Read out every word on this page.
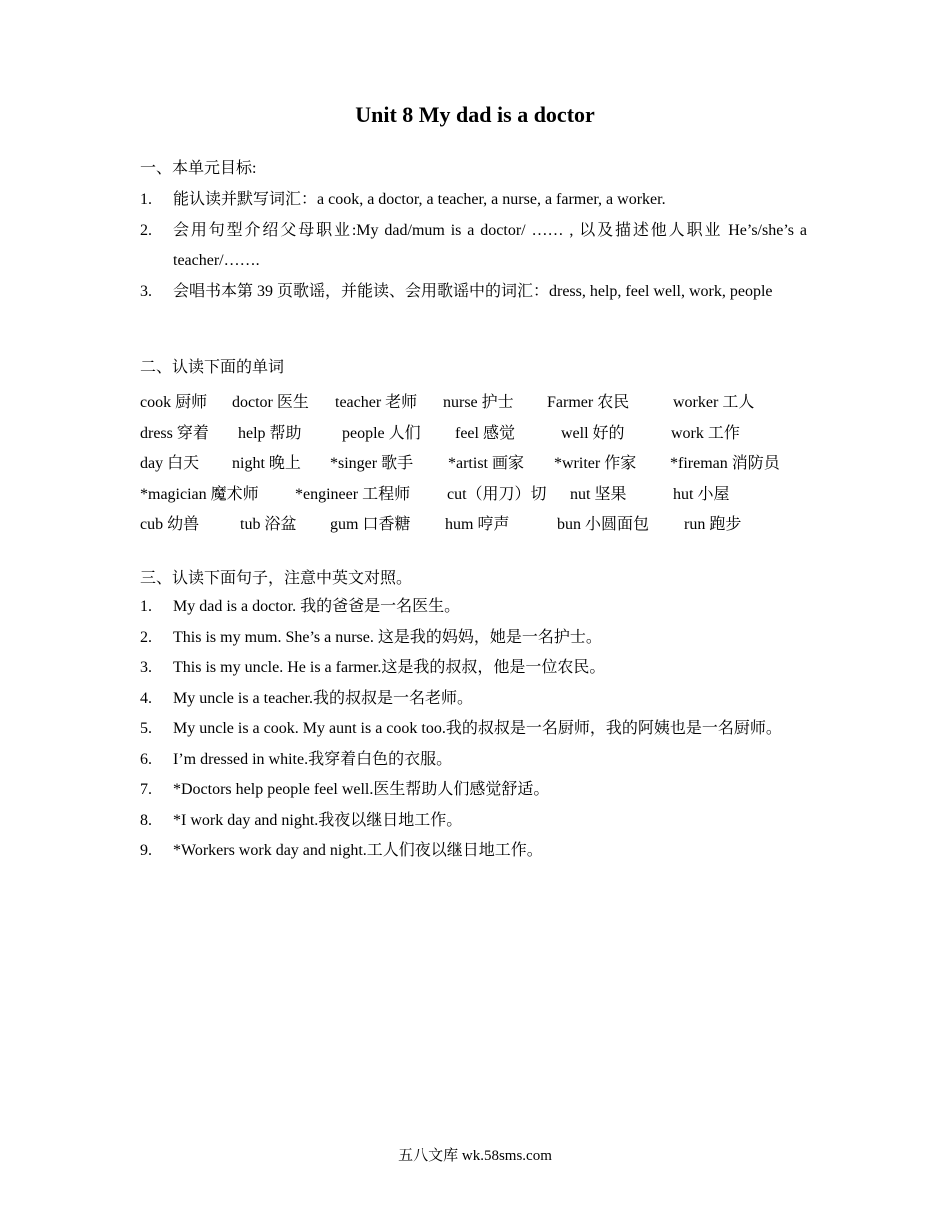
Unit 8 My dad is a doctor
一、本单元目标:
1. 能认读并默写词汇：a cook, a doctor, a teacher, a nurse, a farmer, a worker.
2. 会用句型介绍父母职业:My dad/mum is a doctor/ …… , 以及描述他人职业 He’s/she’s a teacher/…….
3. 会唱书本第 39 页歌谣，并能读、会用歌谣中的词汇：dress, help, feel well, work, people
二、认读下面的单词
cook 厨师 doctor 医生 teacher 老师 nurse 护士 Farmer 农民	worker 工人
dress 穿着 help 帮助	people 人们 feel 感觉	well 好的	work 工作
day 白天 night 晚上 *singer 歌手 *artist 画家 *writer 作家 *fireman 消防员
*magician 魔术师 *engineer 工程师 cut（用刀）切 nut 坚果	hut 小屋
cub 幼兽	tub 浴盆 gum 口香糖 hum 哼声	bun 小圆面包 run 跑步
三、认读下面句子，注意中英文对照。
1. My dad is a doctor. 我的爸爸是一名医生。
2. This is my mum. She’s a nurse. 这是我的妈妈，她是一名护士。
3. This is my uncle. He is a farmer.这是我的叔叔，他是一位农民。
4. My uncle is a teacher.我的叔叔是一名老师。
5. My uncle is a cook. My aunt is a cook too.我的叔叔是一名厨师，我的阿姨也是一名厨师。
6. I’m dressed in white.我穿着白色的衣服。
7. *Doctors help people feel well.医生帮助人们感觉舒适。
8. *I work day and night.我夜以继日地工作。
9. *Workers work day and night.工人们夜以继日地工作。
五八文库 wk.58sms.com
